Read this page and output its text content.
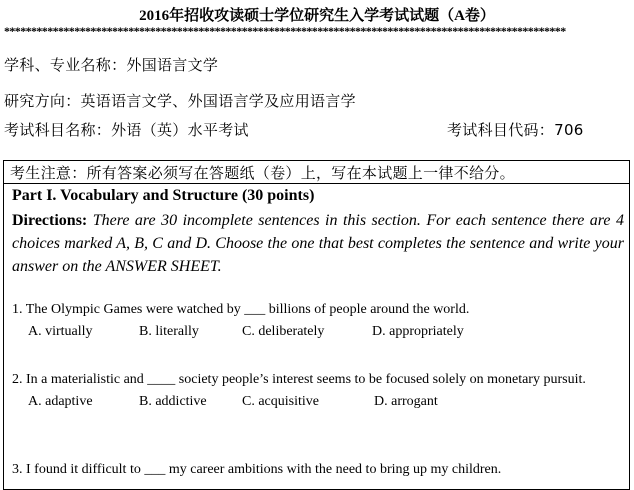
2016年招收攻读硕士学位研究生入学考试试题（A卷）
********************************************************************************************************
学科、专业名称：外国语言文学
研究方向：英语语言文学、外国语言学及应用语言学
考试科目名称：外语（英）水平考试	考试科目代码：706
考生注意：所有答案必须写在答题纸（卷）上，写在本试题上一律不给分。
Part I. Vocabulary and Structure (30 points)
Directions: There are 30 incomplete sentences in this section. For each sentence there are 4 choices marked A, B, C and D. Choose the one that best completes the sentence and write your answer on the ANSWER SHEET.
1. The Olympic Games were watched by ___ billions of people around the world.
A. virtually	B. literally	C. deliberately	D. appropriately
2. In a materialistic and ____ society people’s interest seems to be focused solely on monetary pursuit.
A. adaptive	B. addictive	C. acquisitive	D. arrogant
3. I found it difficult to ___ my career ambitions with the need to bring up my children.
